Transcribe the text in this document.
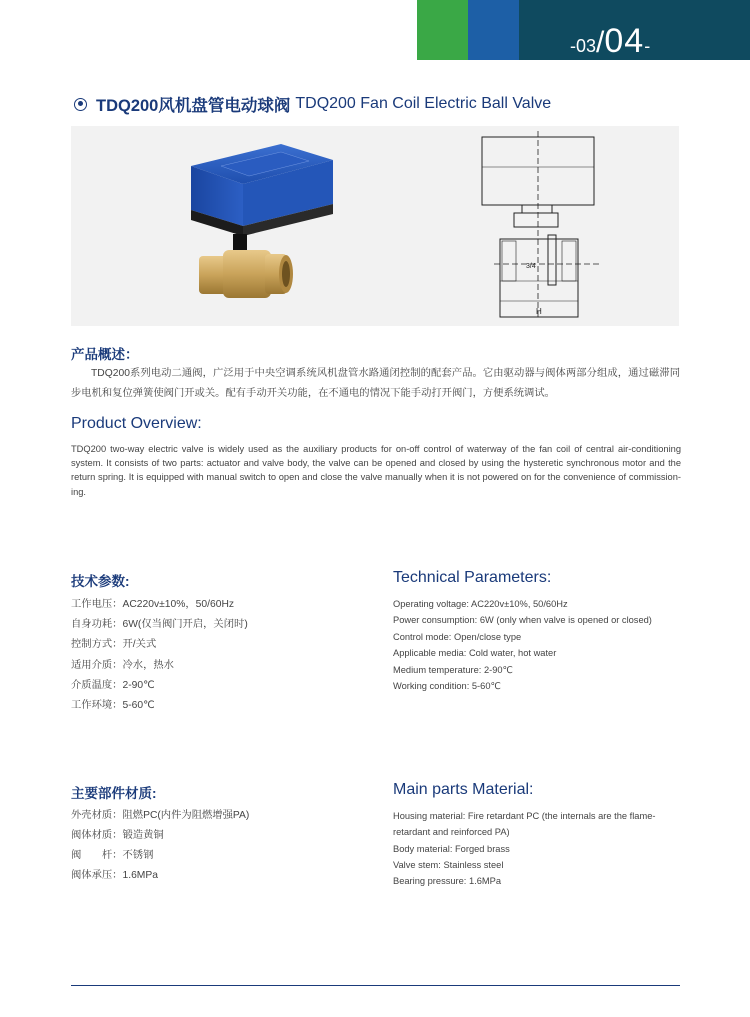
-03/04-
TDQ200风机盘管电动球阀 TDQ200 Fan Coil Electric Ball Valve
3/4
H
产品概述：

TDQ200系列电动二通阀，广泛用于中央空调系统风机盘管水路通闭控制的配套产品。它由驱动器与阀体两部分组成，通过磁滞同步电机和复位弹簧使阀门开或关。配有手动开关功能，在不通电的情况下能手动打开阀门，方便系统调试。

Product Overview:

TDQ200 two-way electric valve is widely used as the auxiliary products for on-off control of waterway of the fan coil of central air-conditioning system. It consists of two parts: actuator and valve body, the valve can be opened and closed by using the hysteretic synchronous motor and the return spring. It is equipped with manual switch to open and close the valve manually when it is not powered on for the convenience of commission-ing.

技术参数:
工作电压：AC220v±10%，50/60Hz
自身功耗：6W(仅当阀门开启，关闭时)
控制方式：开/关式
适用介质：冷水，热水
介质温度：2-90℃
工作环境：5-60℃
Technical Parameters:
Operating voltage: AC220v±10%, 50/60Hz
Power consumption: 6W (only when valve is opened or closed)
Control mode: Open/close type
Applicable media: Cold water, hot water
Medium temperature: 2-90℃
Working condition: 5-60℃
主要部件材质:
外壳材质：阻燃PC(内件为阻燃增强PA)
阀体材质：锻造黄铜
阀　　杆：不锈钢
阀体承压：1.6MPa
Main parts Material:
Housing material: Fire retardant PC (the internals are the flame-
retardant and reinforced PA)
Body material: Forged brass
Valve stem: Stainless steel
Bearing pressure: 1.6MPa
